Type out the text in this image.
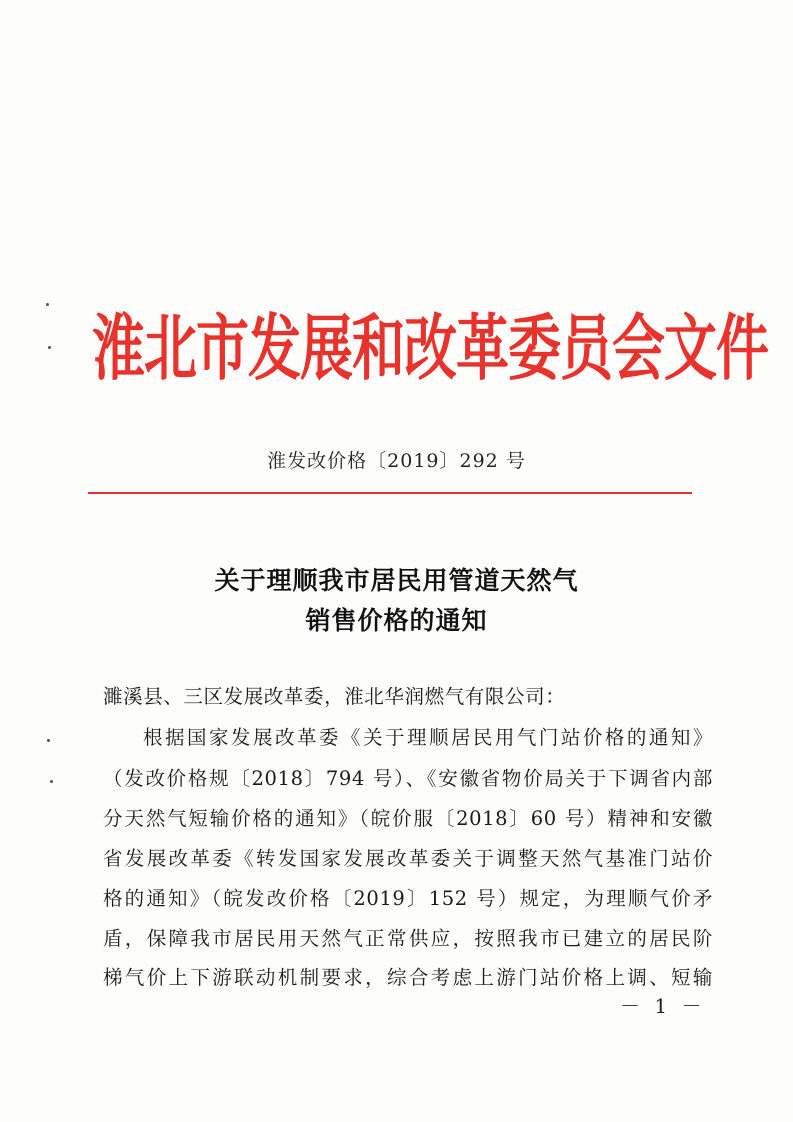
淮北市发展和改革委员会文件
淮发改价格〔2019〕292 号
关于理顺我市居民用管道天然气
销售价格的通知
濉溪县、三区发展改革委，淮北华润燃气有限公司：
根据国家发展改革委《关于理顺居民用气门站价格的通知》
（发改价格规〔2018〕794 号）、《安徽省物价局关于下调省内部
分天然气短输价格的通知》（皖价服〔2018〕60 号）精神和安徽
省发展改革委《转发国家发展改革委关于调整天然气基准门站价
格的通知》（皖发改价格〔2019〕152 号）规定，为理顺气价矛
盾，保障我市居民用天然气正常供应，按照我市已建立的居民阶
梯气价上下游联动机制要求，综合考虑上游门站价格上调、短输
－ 1 －
